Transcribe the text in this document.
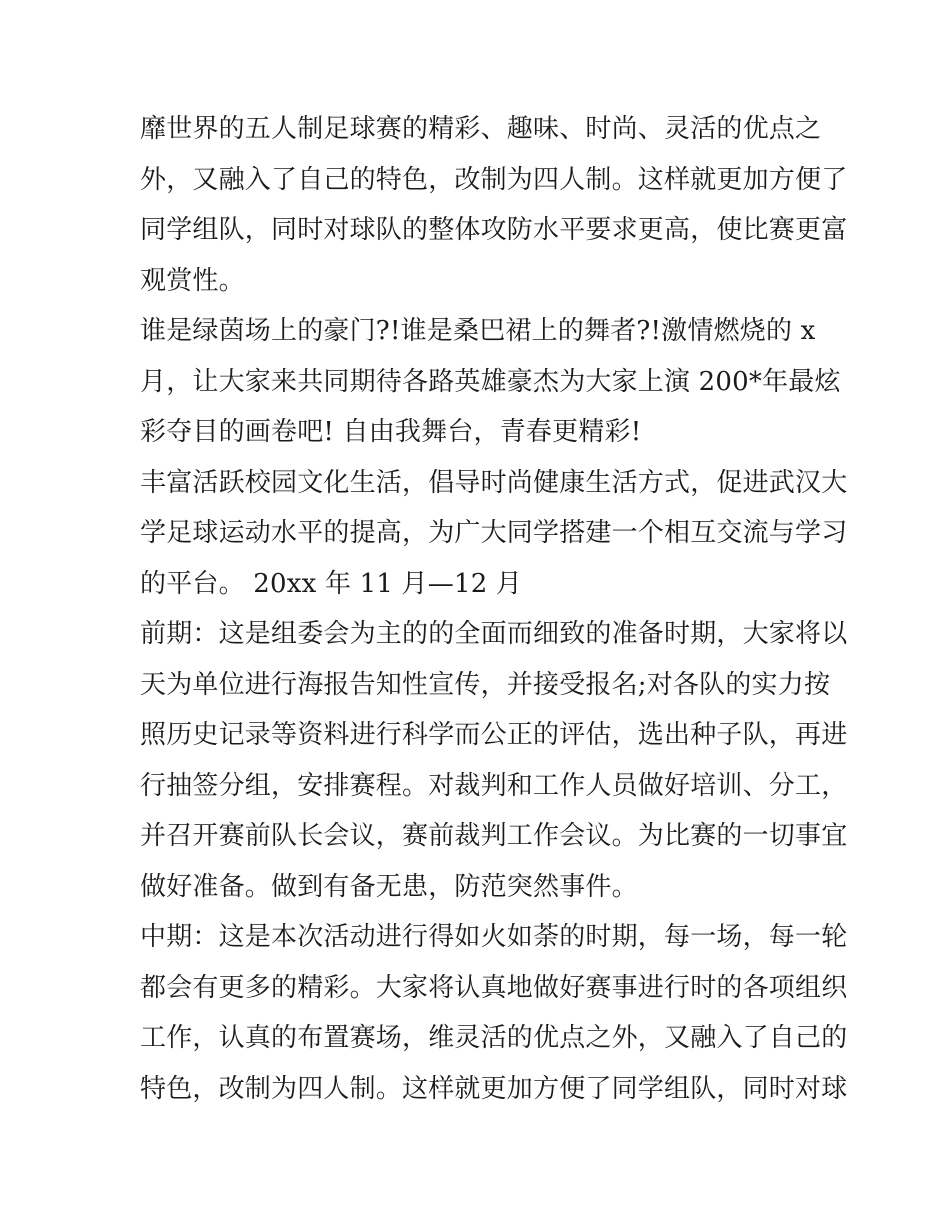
靡世界的五人制足球赛的精彩、趣味、时尚、灵活的优点之
外，又融入了自己的特色，改制为四人制。这样就更加方便了
同学组队，同时对球队的整体攻防水平要求更高，使比赛更富
观赏性。
谁是绿茵场上的豪门?!谁是桑巴裙上的舞者?!激情燃烧的 x
月，让大家来共同期待各路英雄豪杰为大家上演 200*年最炫
彩夺目的画卷吧! 自由我舞台，青春更精彩!
丰富活跃校园文化生活，倡导时尚健康生活方式，促进武汉大
学足球运动水平的提高，为广大同学搭建一个相互交流与学习
的平台。 20xx 年 11 月—12 月
前期：这是组委会为主的的全面而细致的准备时期，大家将以
天为单位进行海报告知性宣传，并接受报名;对各队的实力按
照历史记录等资料进行科学而公正的评估，选出种子队，再进
行抽签分组，安排赛程。对裁判和工作人员做好培训、分工，
并召开赛前队长会议，赛前裁判工作会议。为比赛的一切事宜
做好准备。做到有备无患，防范突然事件。
中期：这是本次活动进行得如火如荼的时期，每一场，每一轮
都会有更多的精彩。大家将认真地做好赛事进行时的各项组织
工作，认真的布置赛场，维灵活的优点之外，又融入了自己的
特色，改制为四人制。这样就更加方便了同学组队，同时对球
